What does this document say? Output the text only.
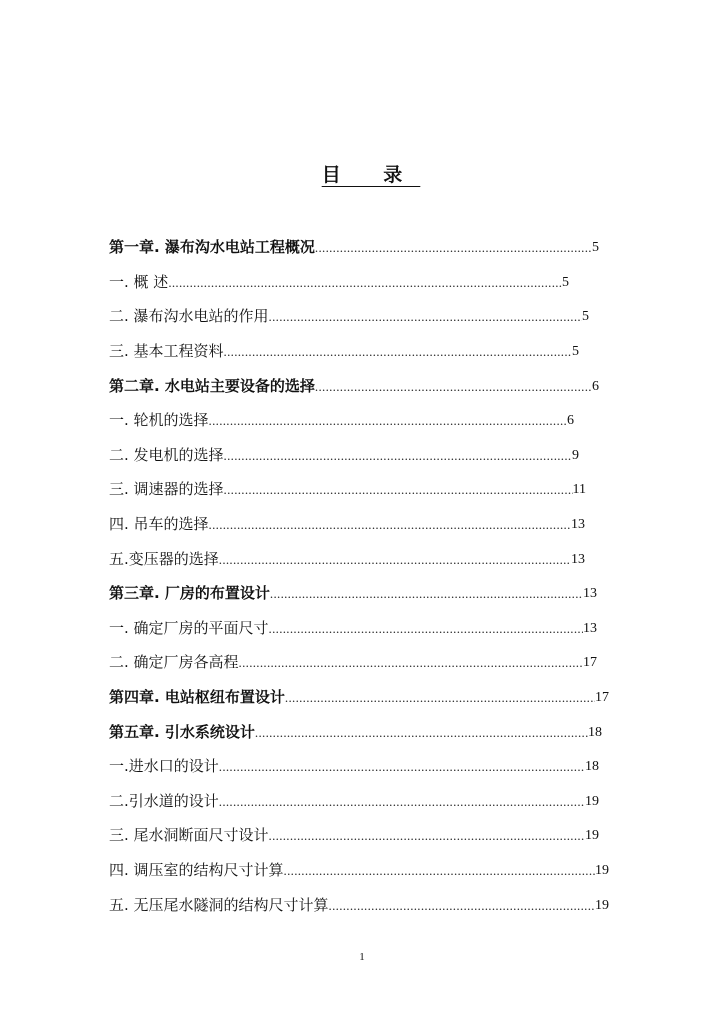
目 录
第一章. 瀑布沟水电站工程概况 .....	5
一. 概 述 .....	5
二. 瀑布沟水电站的作用 .....	5
三. 基本工程资料 .....	5
第二章. 水电站主要设备的选择 .....	6
一. 轮机的选择 .....	6
二. 发电机的选择 .....	9
三. 调速器的选择 .....	11
四. 吊车的选择 .....	13
五.变压器的选择 .....	13
第三章. 厂房的布置设计 .....	13
一. 确定厂房的平面尺寸 .....	13
二. 确定厂房各高程 .....	17
第四章. 电站枢纽布置设计 .....	17
第五章. 引水系统设计 .....	18
一.进水口的设计 .....	18
二.引水道的设计 .....	19
三. 尾水洞断面尺寸设计 .....	19
四. 调压室的结构尺寸计算 .....	19
五. 无压尾水隧洞的结构尺寸计算 .....	19
1
